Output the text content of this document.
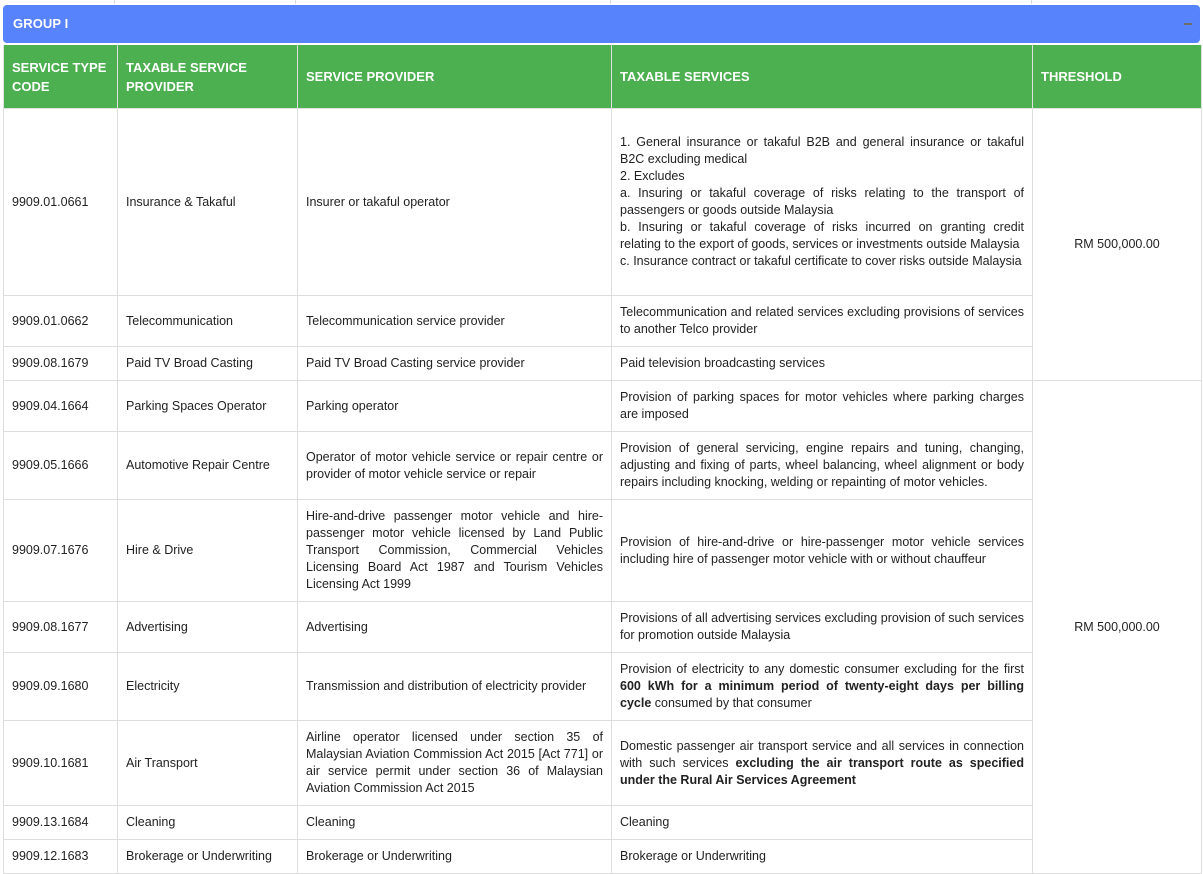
GROUP I
SERVICE TYPE CODE	TAXABLE SERVICE PROVIDER	SERVICE PROVIDER	TAXABLE SERVICES	THRESHOLD
9909.01.0661	Insurance & Takaful	Insurer or takaful operator	1. General insurance or takaful B2B and general insurance or takaful B2C excluding medical
2. Excludes
a. Insuring or takaful coverage of risks relating to the transport of passengers or goods outside Malaysia
b. Insuring or takaful coverage of risks incurred on granting credit relating to the export of goods, services or investments outside Malaysia
c. Insurance contract or takaful certificate to cover risks outside Malaysia	RM 500,000.00
9909.01.0662	Telecommunication	Telecommunication service provider	Telecommunication and related services excluding provisions of services to another Telco provider	
9909.08.1679	Paid TV Broad Casting	Paid TV Broad Casting service provider	Paid television broadcasting services	
9909.04.1664	Parking Spaces Operator	Parking operator	Provision of parking spaces for motor vehicles where parking charges are imposed	RM 500,000.00
9909.05.1666	Automotive Repair Centre	Operator of motor vehicle service or repair centre or provider of motor vehicle service or repair	Provision of general servicing, engine repairs and tuning, changing, adjusting and fixing of parts, wheel balancing, wheel alignment or body repairs including knocking, welding or repainting of motor vehicles.	
9909.07.1676	Hire & Drive	Hire-and-drive passenger motor vehicle and hire-passenger motor vehicle licensed by Land Public Transport Commission, Commercial Vehicles Licensing Board Act 1987 and Tourism Vehicles Licensing Act 1999	Provision of hire-and-drive or hire-passenger motor vehicle services including hire of passenger motor vehicle with or without chauffeur	
9909.08.1677	Advertising	Advertising	Provisions of all advertising services excluding provision of such services for promotion outside Malaysia	
9909.09.1680	Electricity	Transmission and distribution of electricity provider	Provision of electricity to any domestic consumer excluding for the first 600 kWh for a minimum period of twenty-eight days per billing cycle consumed by that consumer	
9909.10.1681	Air Transport	Airline operator licensed under section 35 of Malaysian Aviation Commission Act 2015 [Act 771] or air service permit under section 36 of Malaysian Aviation Commission Act 2015	Domestic passenger air transport service and all services in connection with such services excluding the air transport route as specified under the Rural Air Services Agreement	
9909.13.1684	Cleaning	Cleaning	Cleaning	
9909.12.1683	Brokerage or Underwriting	Brokerage or Underwriting	Brokerage or Underwriting	
